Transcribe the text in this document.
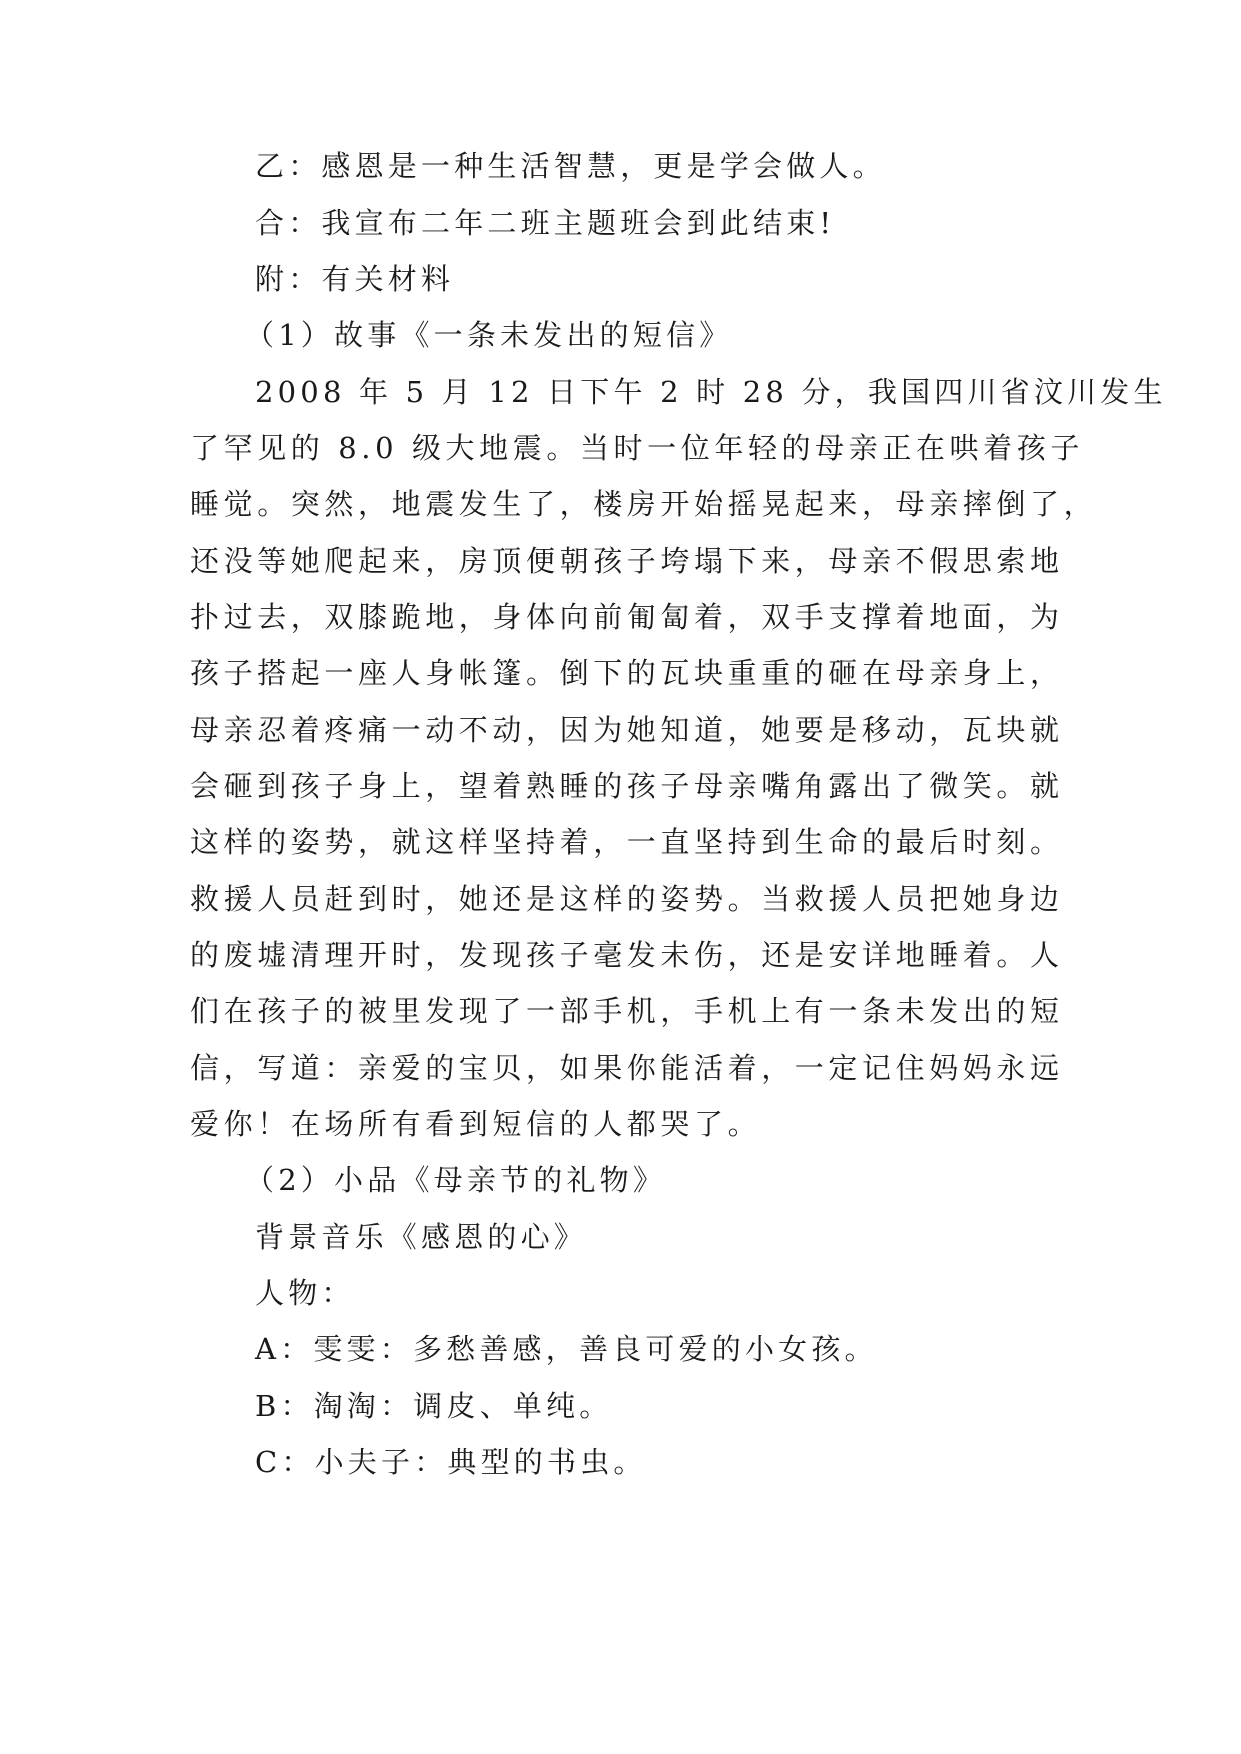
乙：感恩是一种生活智慧，更是学会做人。
合：我宣布二年二班主题班会到此结束!
附：有关材料
（1）故事《一条未发出的短信》
2008 年 5 月 12 日下午 2 时 28 分，我国四川省汶川发生
了罕见的 8.0 级大地震。当时一位年轻的母亲正在哄着孩子
睡觉。突然，地震发生了，楼房开始摇晃起来，母亲摔倒了，
还没等她爬起来，房顶便朝孩子垮塌下来，母亲不假思索地
扑过去，双膝跪地，身体向前匍匐着，双手支撑着地面，为
孩子搭起一座人身帐篷。倒下的瓦块重重的砸在母亲身上，
母亲忍着疼痛一动不动，因为她知道，她要是移动，瓦块就
会砸到孩子身上，望着熟睡的孩子母亲嘴角露出了微笑。就
这样的姿势，就这样坚持着，一直坚持到生命的最后时刻。
救援人员赶到时，她还是这样的姿势。当救援人员把她身边
的废墟清理开时，发现孩子毫发未伤，还是安详地睡着。人
们在孩子的被里发现了一部手机，手机上有一条未发出的短
信，写道：亲爱的宝贝，如果你能活着，一定记住妈妈永远
爱你！在场所有看到短信的人都哭了。
（2）小品《母亲节的礼物》
背景音乐《感恩的心》
人物：
A：雯雯：多愁善感，善良可爱的小女孩。
B：淘淘：调皮、单纯。
C：小夫子：典型的书虫。
